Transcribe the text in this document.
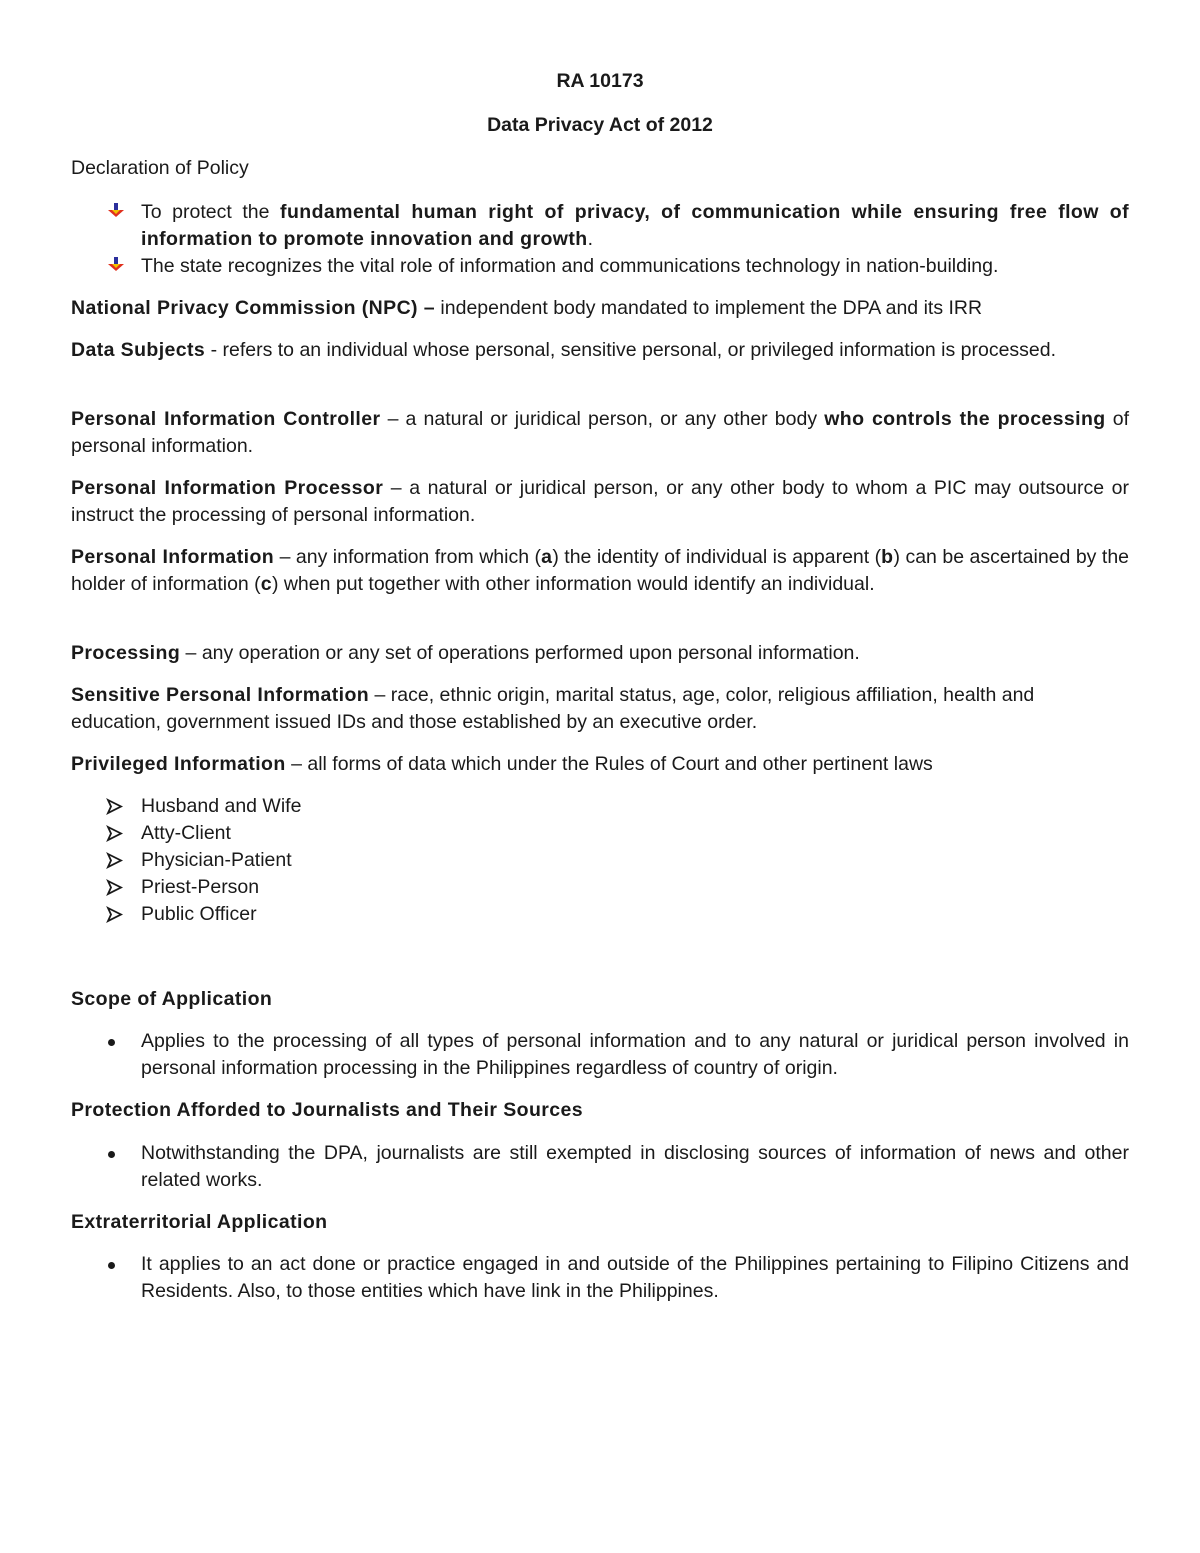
RA 10173

Data Privacy Act of 2012

Declaration of Policy

To protect the fundamental human right of privacy, of communication while ensuring free flow of information to promote innovation and growth.
The state recognizes the vital role of information and communications technology in nation-building.

National Privacy Commission (NPC) – independent body mandated to implement the DPA and its IRR

Data Subjects - refers to an individual whose personal, sensitive personal, or privileged information is processed.

Personal Information Controller – a natural or juridical person, or any other body who controls the processing of personal information.

Personal Information Processor – a natural or juridical person, or any other body to whom a PIC may outsource or instruct the processing of personal information.

Personal Information – any information from which (a) the identity of individual is apparent (b) can be ascertained by the holder of information (c) when put together with other information would identify an individual.

Processing – any operation or any set of operations performed upon personal information.

Sensitive Personal Information – race, ethnic origin, marital status, age, color, religious affiliation, health and education, government issued IDs and those established by an executive order.

Privileged Information – all forms of data which under the Rules of Court and other pertinent laws

Husband and Wife
Atty-Client
Physician-Patient
Priest-Person
Public Officer

Scope of Application

Applies to the processing of all types of personal information and to any natural or juridical person involved in personal information processing in the Philippines regardless of country of origin.

Protection Afforded to Journalists and Their Sources

Notwithstanding the DPA, journalists are still exempted in disclosing sources of information of news and other related works.

Extraterritorial Application

It applies to an act done or practice engaged in and outside of the Philippines pertaining to Filipino Citizens and Residents. Also, to those entities which have link in the Philippines.
